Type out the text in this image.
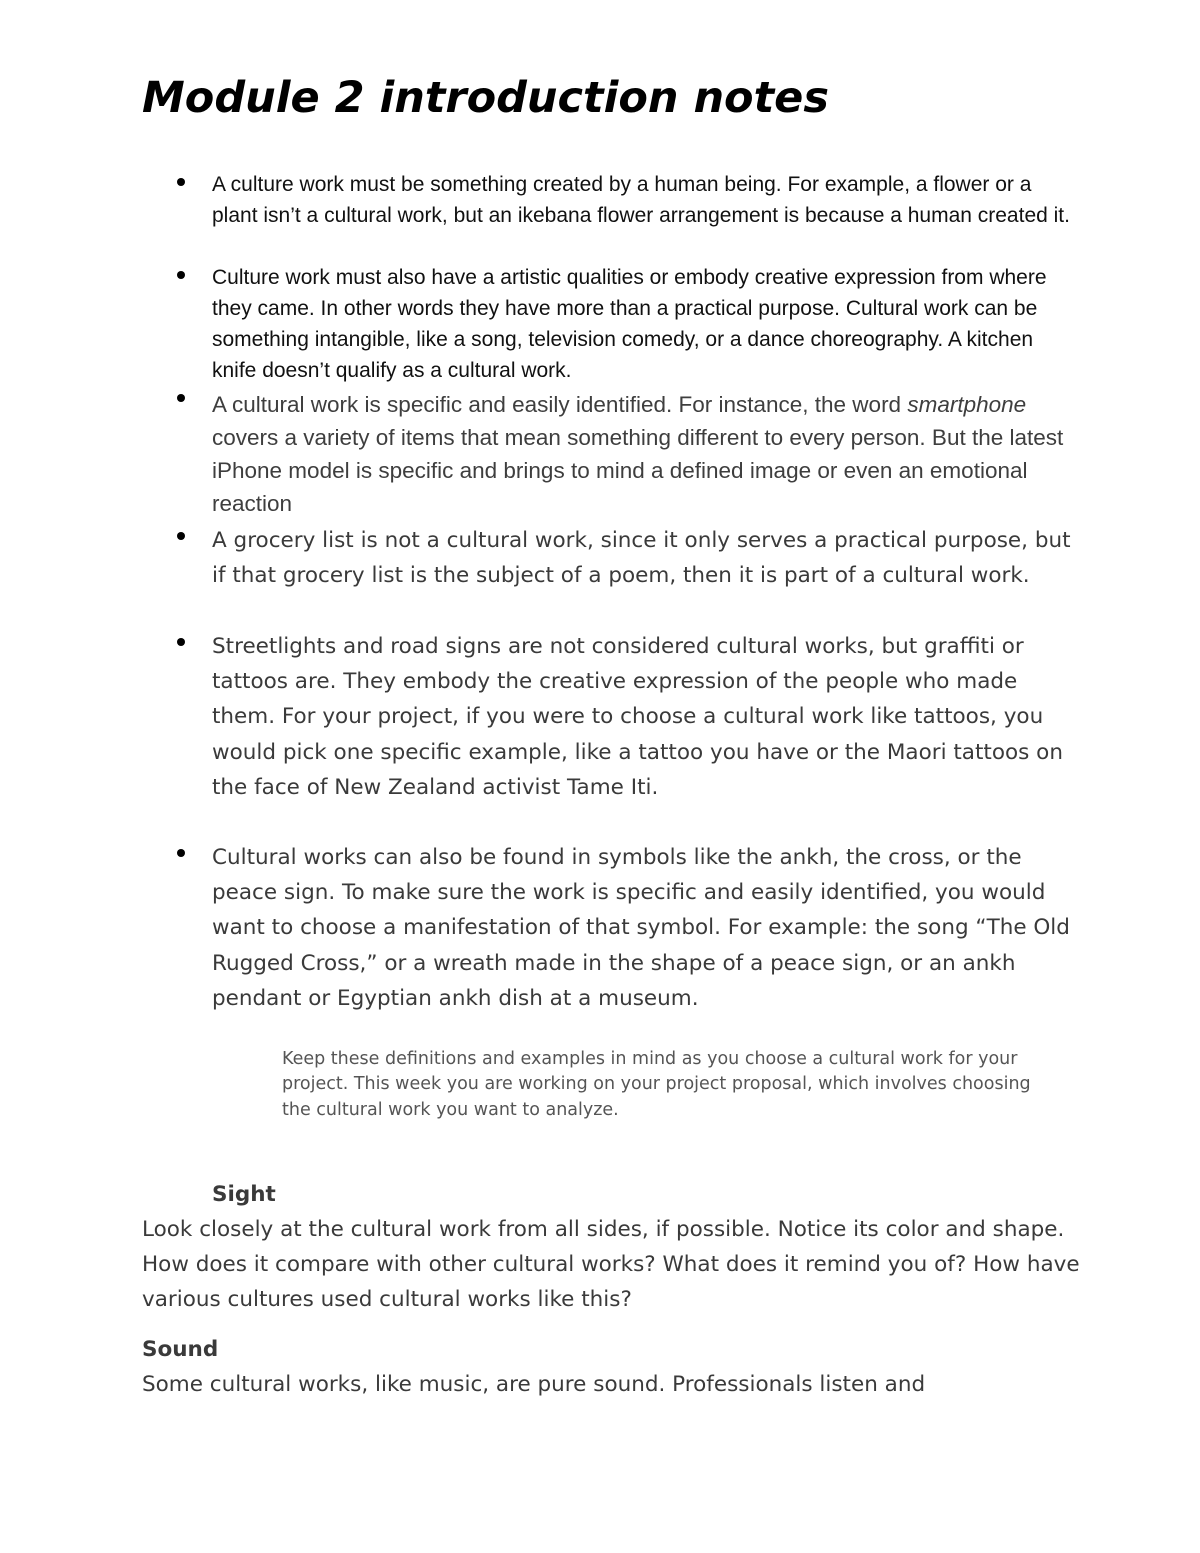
Module 2 introduction notes
A culture work must be something created by a human being. For example, a flower or a plant isn’t a cultural work, but an ikebana flower arrangement is because a human created it.
Culture work must also have a artistic qualities or embody creative expression from where they came. In other words they have more than a practical purpose. Cultural work can be something intangible, like a song, television comedy, or a dance choreography. A kitchen knife doesn’t qualify as a cultural work.
A cultural work is specific and easily identified. For instance, the word smartphone covers a variety of items that mean something different to every person. But the latest iPhone model is specific and brings to mind a defined image or even an emotional reaction
A grocery list is not a cultural work, since it only serves a practical purpose, but if that grocery list is the subject of a poem, then it is part of a cultural work.
Streetlights and road signs are not considered cultural works, but graffiti or tattoos are. They embody the creative expression of the people who made them. For your project, if you were to choose a cultural work like tattoos, you would pick one specific example, like a tattoo you have or the Maori tattoos on the face of New Zealand activist Tame Iti.
Cultural works can also be found in symbols like the ankh, the cross, or the peace sign. To make sure the work is specific and easily identified, you would want to choose a manifestation of that symbol. For example: the song “The Old Rugged Cross,” or a wreath made in the shape of a peace sign, or an ankh pendant or Egyptian ankh dish at a museum.

Keep these definitions and examples in mind as you choose a cultural work for your project. This week you are working on your project proposal, which involves choosing the cultural work you want to analyze.

Sight

Look closely at the cultural work from all sides, if possible. Notice its color and shape. How does it compare with other cultural works? What does it remind you of? How have various cultures used cultural works like this?

Sound

Some cultural works, like music, are pure sound. Professionals listen and
